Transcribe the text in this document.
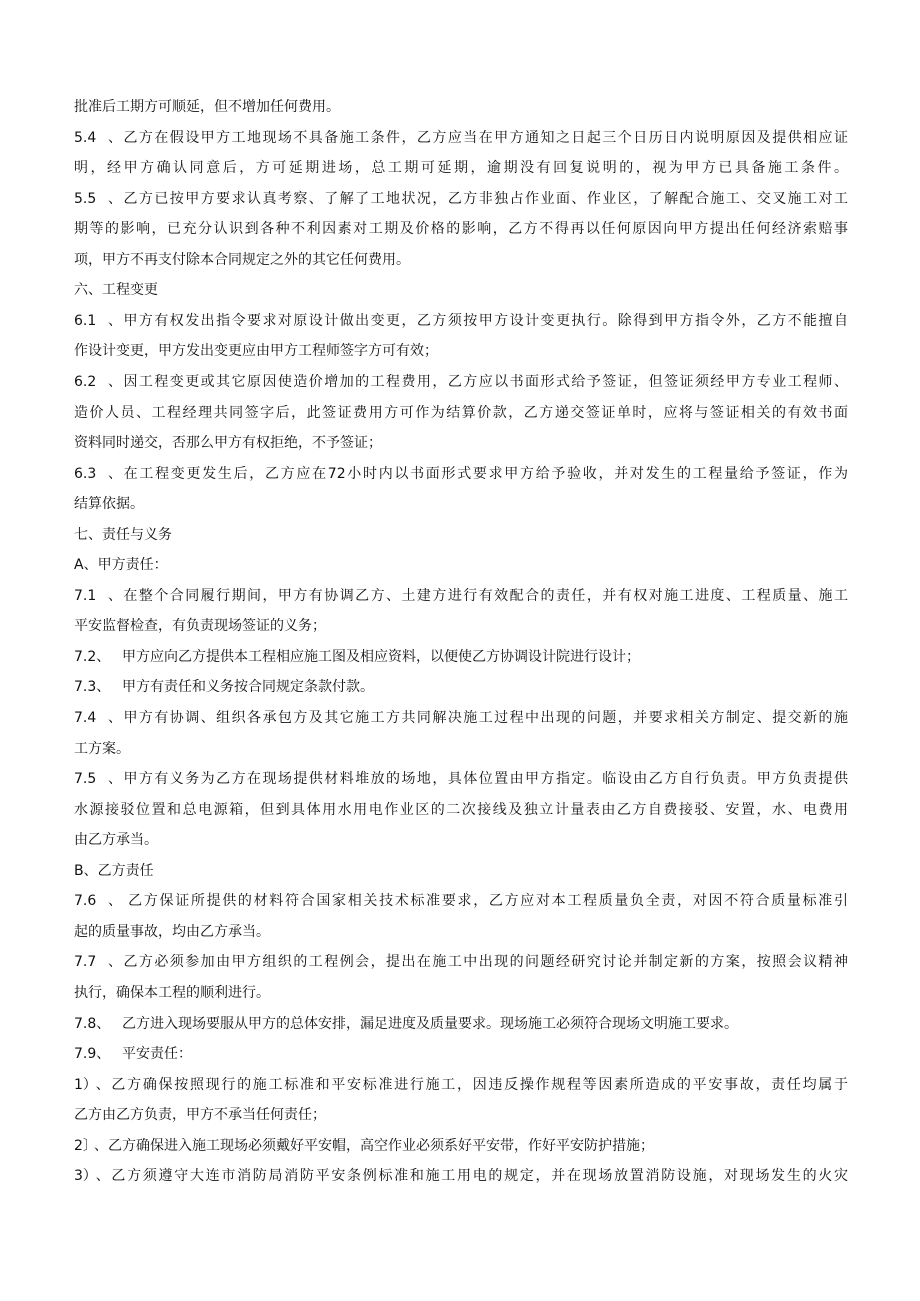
批准后工期方可顺延，但不增加任何费用。
5.4、乙方在假设甲方工地现场不具备施工条件，乙方应当在甲方通知之日起三个日历日内说明原因及提供相应证
明，经甲方确认同意后，方可延期进场，总工期可延期，逾期没有回复说明的，视为甲方已具备施工条件。
5.5、乙方已按甲方要求认真考察、了解了工地状况，乙方非独占作业面、作业区，了解配合施工、交叉施工对工
期等的影响，已充分认识到各种不利因素对工期及价格的影响，乙方不得再以任何原因向甲方提出任何经济索赔事
项，甲方不再支付除本合同规定之外的其它任何费用。
六、工程变更
6.1、甲方有权发出指令要求对原设计做出变更，乙方须按甲方设计变更执行。除得到甲方指令外，乙方不能擅自
作设计变更，甲方发出变更应由甲方工程师签字方可有效；
6.2、因工程变更或其它原因使造价增加的工程费用，乙方应以书面形式给予签证，但签证须经甲方专业工程师、
造价人员、工程经理共同签字后，此签证费用方可作为结算价款，乙方递交签证单时，应将与签证相关的有效书面
资料同时递交，否那么甲方有权拒绝，不予签证；
6.3、在工程变更发生后，乙方应在72小时内以书面形式要求甲方给予验收，并对发生的工程量给予签证，作为
结算依据。
七、责任与义务
A、甲方责任：
7.1、在整个合同履行期间，甲方有协调乙方、土建方进行有效配合的责任，并有权对施工进度、工程质量、施工
平安监督检查，有负责现场签证的义务；
7.2、 甲方应向乙方提供本工程相应施工图及相应资料，以便使乙方协调设计院进行设计；
7.3、 甲方有责任和义务按合同规定条款付款。
7.4、甲方有协调、组织各承包方及其它施工方共同解决施工过程中出现的问题，并要求相关方制定、提交新的施
工方案。
7.5、甲方有义务为乙方在现场提供材料堆放的场地，具体位置由甲方指定。临设由乙方自行负责。甲方负责提供
水源接驳位置和总电源箱，但到具体用水用电作业区的二次接线及独立计量表由乙方自费接驳、安置，水、电费用
由乙方承当。
B、乙方责任
7.6、 乙方保证所提供的材料符合国家相关技术标准要求，乙方应对本工程质量负全责，对因不符合质量标准引
起的质量事故，均由乙方承当。
7.7、乙方必须参加由甲方组织的工程例会，提出在施工中出现的问题经研究讨论并制定新的方案，按照会议精神
执行，确保本工程的顺利进行。
7.8、 乙方进入现场要服从甲方的总体安排，漏足进度及质量要求。现场施工必须符合现场文明施工要求。
7.9、 平安责任：
1）、乙方确保按照现行的施工标准和平安标准进行施工，因违反操作规程等因素所造成的平安事故，责任均属于
乙方由乙方负责，甲方不承当任何责任；
2〕、乙方确保进入施工现场必须戴好平安帽，高空作业必须系好平安带，作好平安防护措施；
3）、乙方须遵守大连市消防局消防平安条例标准和施工用电的规定，并在现场放置消防设施，对现场发生的火灾
